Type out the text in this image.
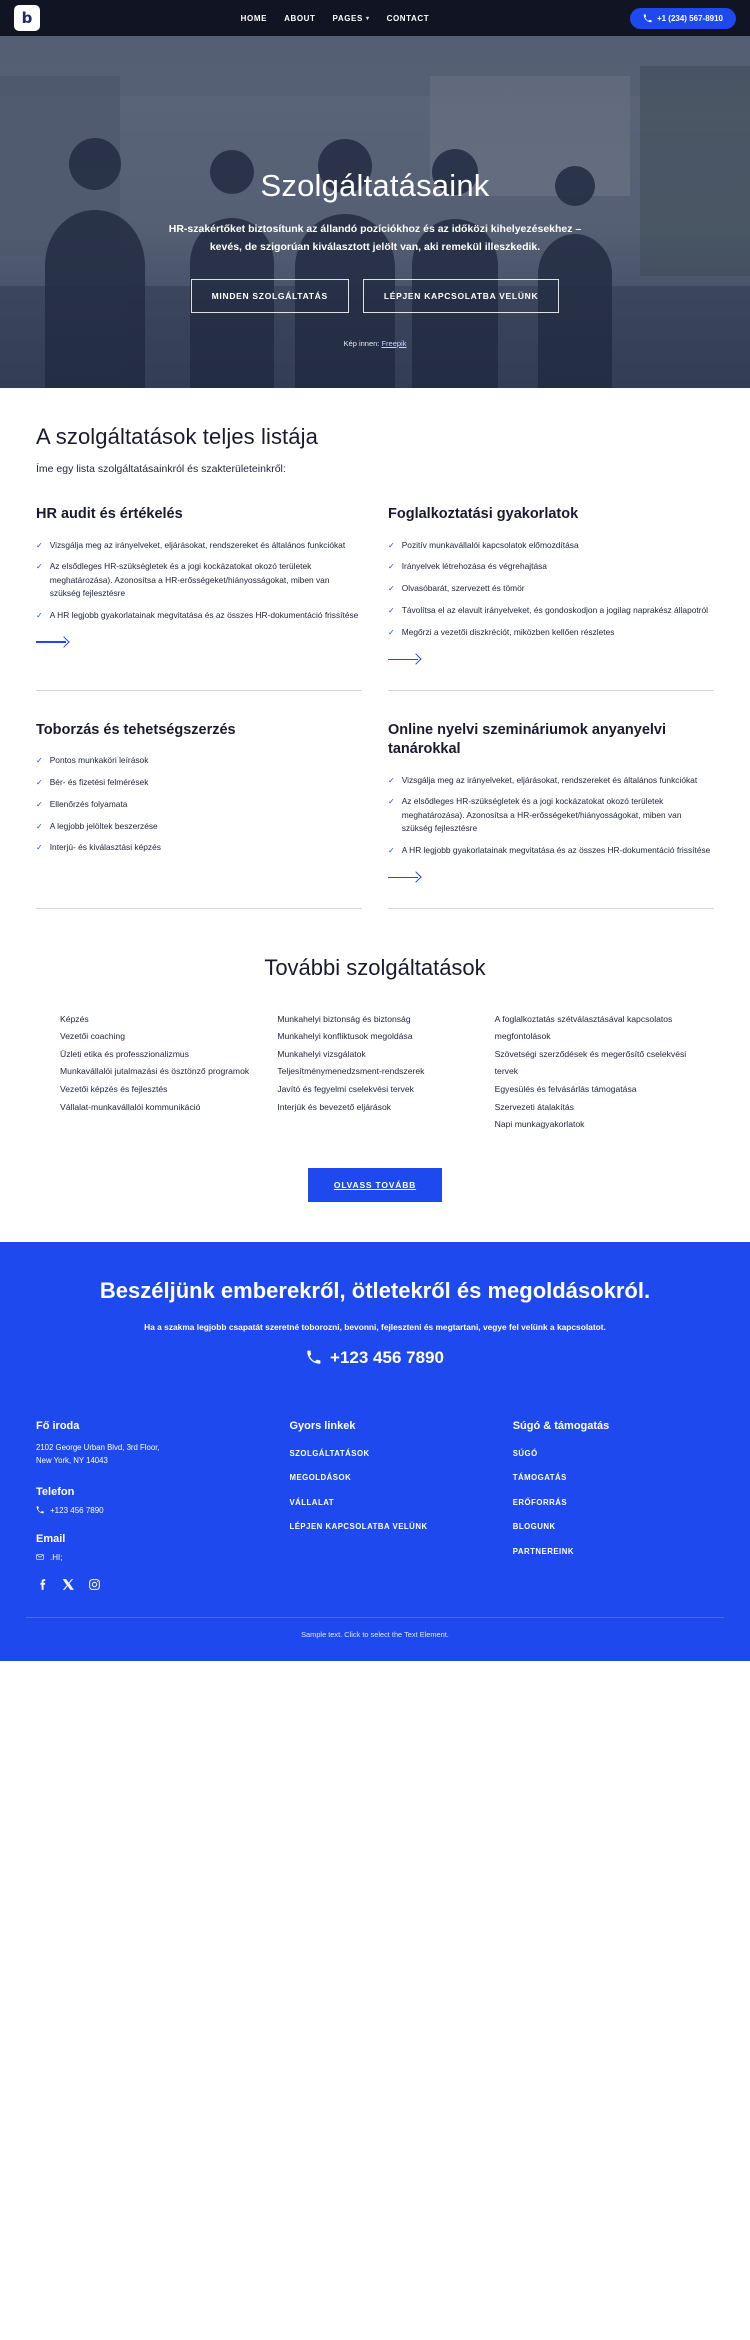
b	HOME ABOUT PAGES ▾ CONTACT	+1 (234) 567-8910
Szolgáltatásaink

HR-szakértőket biztosítunk az állandó pozíciókhoz és az időközi kihelyezésekhez – kevés, de szigorúan kiválasztott jelölt van, aki remekül illeszkedik.

MINDEN SZOLGÁLTATÁS	LÉPJEN KAPCSOLATBA VELÜNK
Kép innen: Freepik
A szolgáltatások teljes listája

Íme egy lista szolgáltatásainkról és szakterületeinkről:

HR audit és értékelés
✓ Vizsgálja meg az irányelveket, eljárásokat, rendszereket és általános funkciókat
✓ Az elsődleges HR-szükségletek és a jogi kockázatokat okozó területek meghatározása). Azonosítsa a HR-erősségeket/hiányosságokat, miben van szükség fejlesztésre
✓ A HR legjobb gyakorlatainak megvitatása és az összes HR-dokumentáció frissítése
Foglalkoztatási gyakorlatok
✓ Pozitív munkavállalói kapcsolatok előmozdítása
✓ Irányelvek létrehozása és végrehajtása
✓ Olvasóbarát, szervezett és tömör
✓ Távolítsa el az elavult irányelveket, és gondoskodjon a jogilag naprakész állapotról
✓ Megőrzi a vezetői diszkréciót, miközben kellően részletes
Toborzás és tehetségszerzés
✓ Pontos munkaköri leírások
✓ Bér- és fizetési felmérések
✓ Ellenőrzés folyamata
✓ A legjobb jelöltek beszerzése
✓ Interjú- és kiválasztási képzés
Online nyelvi szemináriumok anyanyelvi tanárokkal
✓ Vizsgálja meg az irányelveket, eljárásokat, rendszereket és általános funkciókat
✓ Az elsődleges HR-szükségletek és a jogi kockázatokat okozó területek meghatározása). Azonosítsa a HR-erősségeket/hiányosságokat, miben van szükség fejlesztésre
✓ A HR legjobb gyakorlatainak megvitatása és az összes HR-dokumentáció frissítése
További szolgáltatások

Képzés

Vezetői coaching

Üzleti etika és professzionalizmus

Munkavállalói jutalmazási és ösztönző programok

Vezetői képzés és fejlesztés

Vállalat-munkavállalói kommunikáció

Munkahelyi biztonság és biztonság

Munkahelyi konfliktusok megoldása

Munkahelyi vizsgálatok

Teljesítménymenedzsment-rendszerek

Javító és fegyelmi cselekvési tervek

Interjúk és bevezető eljárások

A foglalkoztatás szétválasztásával kapcsolatos megfontolások

Szövetségi szerződések és megerősítő cselekvési tervek

Egyesülés és felvásárlás támogatása

Szervezeti átalakítás

Napi munkagyakorlatok

OLVASS TOVÁBB
Beszéljünk emberekről, ötletekről és megoldásokról.

Ha a szakma legjobb csapatát szeretné toborozni, bevonni, fejleszteni és megtartani, vegye fel velünk a kapcsolatot.

+123 456 7890
Fő iroda

2102 George Urban Blvd, 3rd Floor,

New York, NY 14043

Telefon
+123 456 7890
Email
.HI;
Gyors linkek
SZOLGÁLTATÁSOK
MEGOLDÁSOK
VÁLLALAT
LÉPJEN KAPCSOLATBA VELÜNK
Súgó & támogatás
SÚGÓ
TÁMOGATÁS
ERŐFORRÁS
BLOGUNK
PARTNEREINK
Sample text. Click to select the Text Element.
